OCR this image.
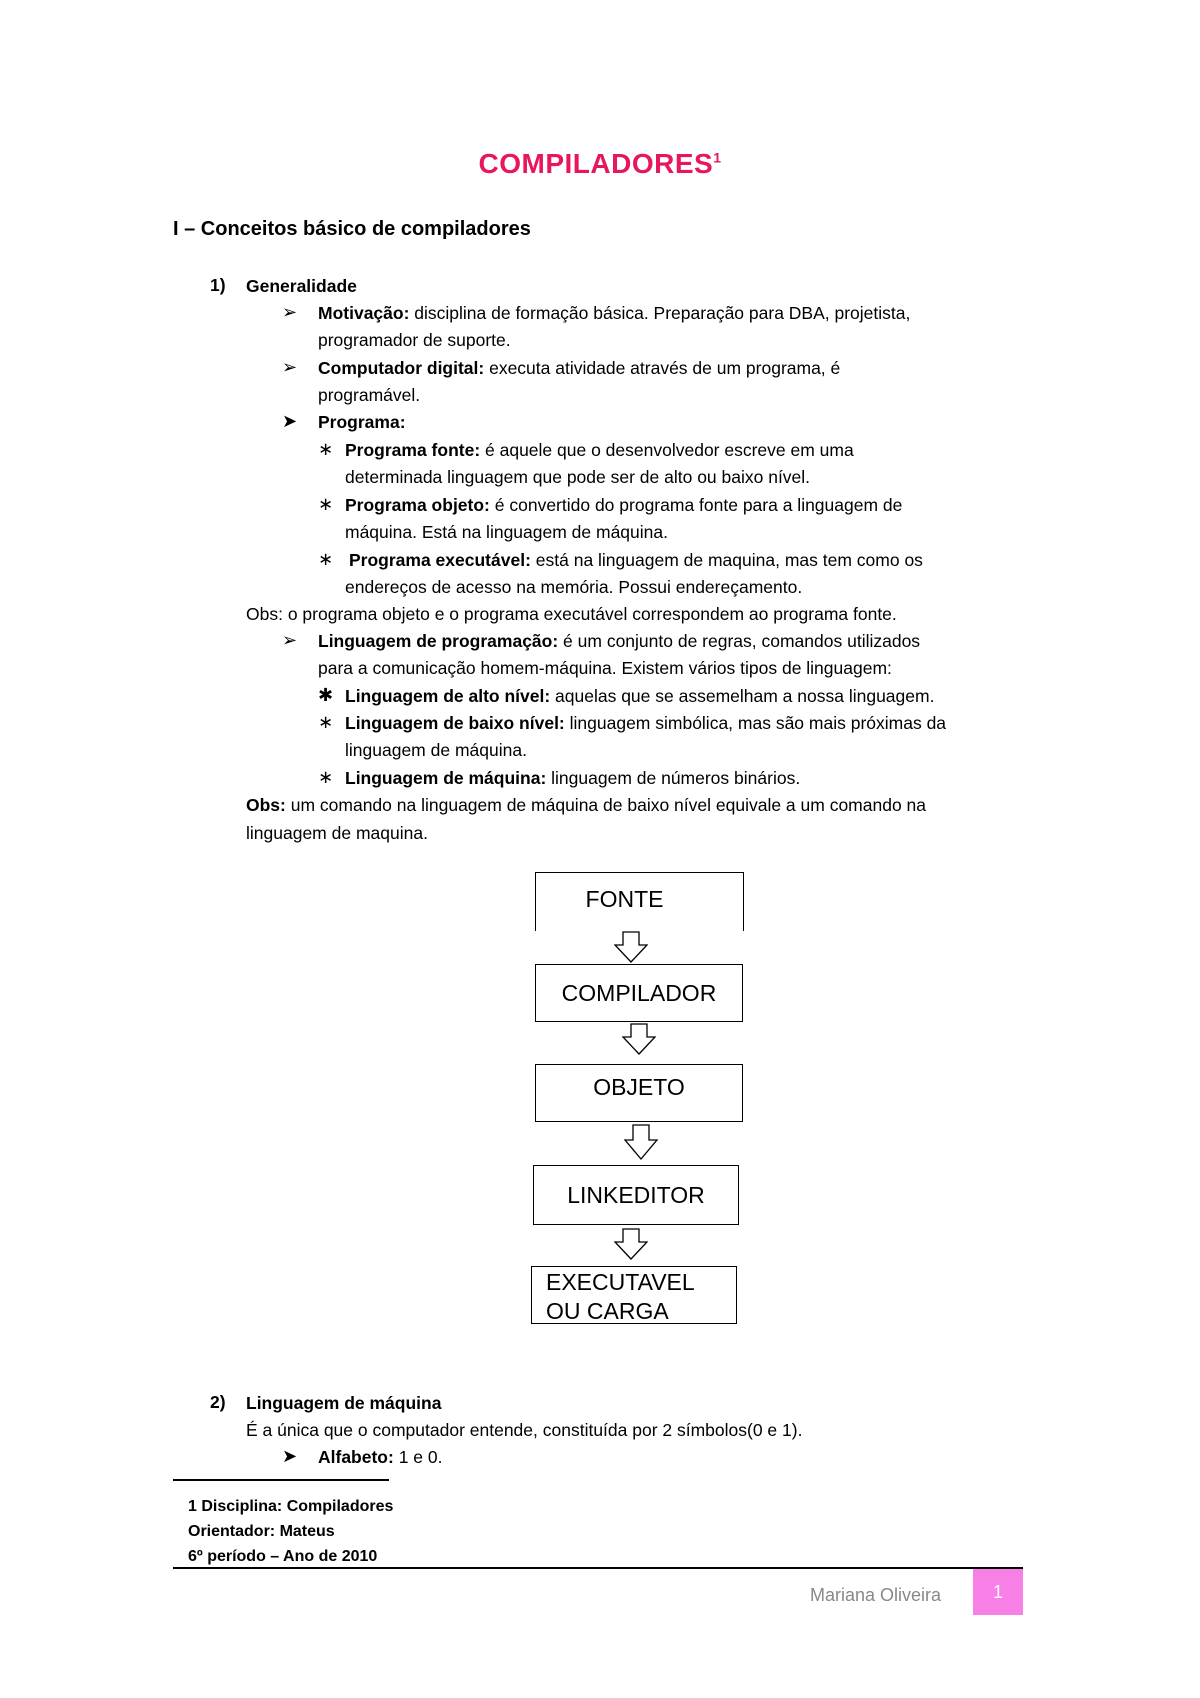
COMPILADORES$^1$
I – Conceitos básico de compiladores
1) Generalidade
➢ Motivação: disciplina de formação básica. Preparação para DBA, projetista,
programador de suporte.
➢ Computador digital: executa atividade através de um programa, é
programável.
➤ Programa:
∗ Programa fonte: é aquele que o desenvolvedor escreve em uma
determinada linguagem que pode ser de alto ou baixo nível.
∗ Programa objeto: é convertido do programa fonte para a linguagem de
máquina. Está na linguagem de máquina.
∗ Programa executável: está na linguagem de maquina, mas tem como os
endereços de acesso na memória. Possui endereçamento.
Obs: o programa objeto e o programa executável correspondem ao programa fonte.
➢ Linguagem de programação: é um conjunto de regras, comandos utilizados
para a comunicação homem-máquina. Existem vários tipos de linguagem:
✱ Linguagem de alto nível: aquelas que se assemelham a nossa linguagem.
∗ Linguagem de baixo nível: linguagem simbólica, mas são mais próximas da
linguagem de máquina.
∗ Linguagem de máquina: linguagem de números binários.
Obs: um comando na linguagem de máquina de baixo nível equivale a um comando na
linguagem de maquina.
2) Linguagem de máquina
É a única que o computador entende, constituída por 2 símbolos(0 e 1).
➤ Alfabeto: 1 e 0.
FONTE
COMPILADOR
OBJETO
LINKEDITOR
EXECUTAVEL
OU CARGA
1 Disciplina: Compiladores
Orientador: Mateus
6º período – Ano de 2010
Mariana Oliveira	1
